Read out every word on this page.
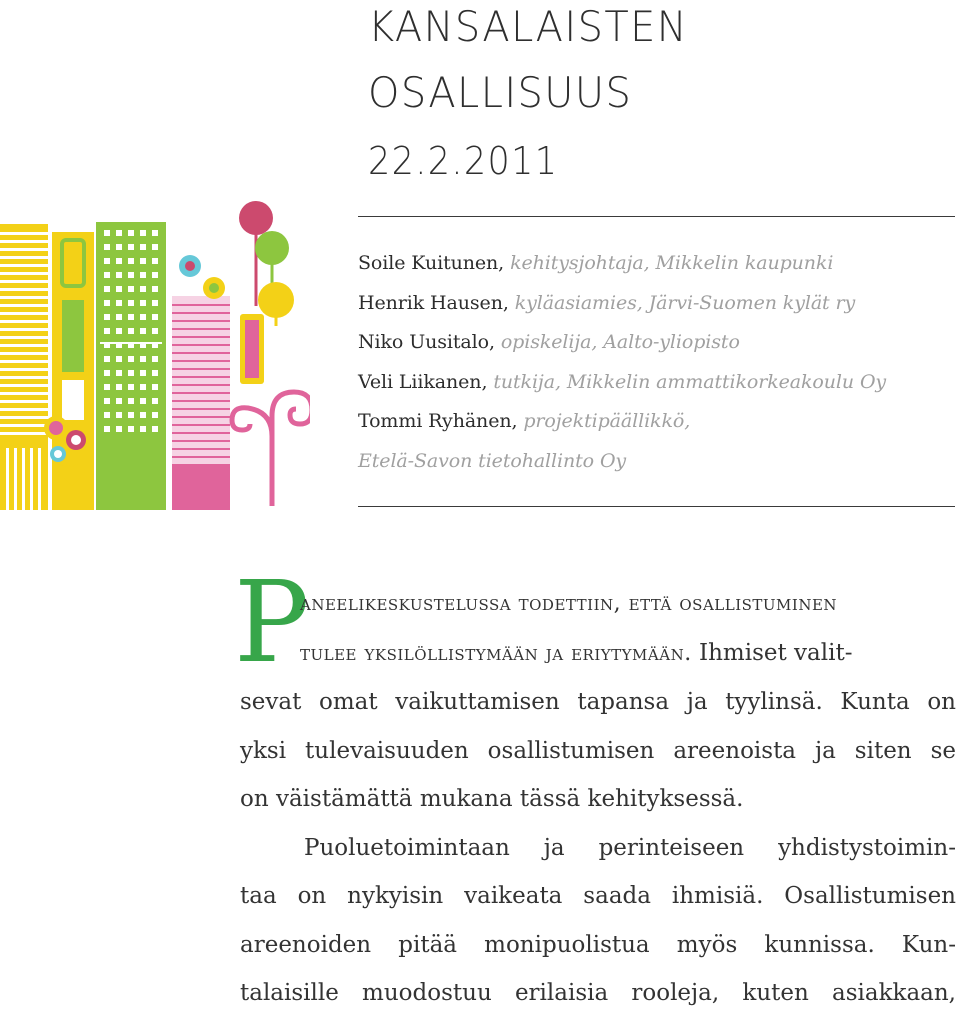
KANSALAISTEN
OSALLISUUS
22.2.2011
Soile Kuitunen, kehitysjohtaja, Mikkelin kaupunki
Henrik Hausen, kyläasiamies, Järvi-Suomen kylät ry
Niko Uusitalo, opiskelija, Aalto-yliopisto
Veli Liikanen, tutkija, Mikkelin ammattikorkeakoulu Oy
Tommi Ryhänen, projektipäällikkö,
Etelä-Savon tietohallinto Oy
P
aneelikeskustelussa todettiin, että osallistuminen
tulee yksilöllistymään ja eriytymään. Ihmiset valit-
sevat omat vaikuttamisen tapansa ja tyylinsä. Kunta on
yksi tulevaisuuden osallistumisen areenoista ja siten se
on väistämättä mukana tässä kehityksessä.
Puoluetoimintaan ja perinteiseen yhdistystoimin-
taa on nykyisin vaikeata saada ihmisiä. Osallistumisen
areenoiden pitää monipuolistua myös kunnissa. Kun-
talaisille muodostuu erilaisia rooleja, kuten asiakkaan,
